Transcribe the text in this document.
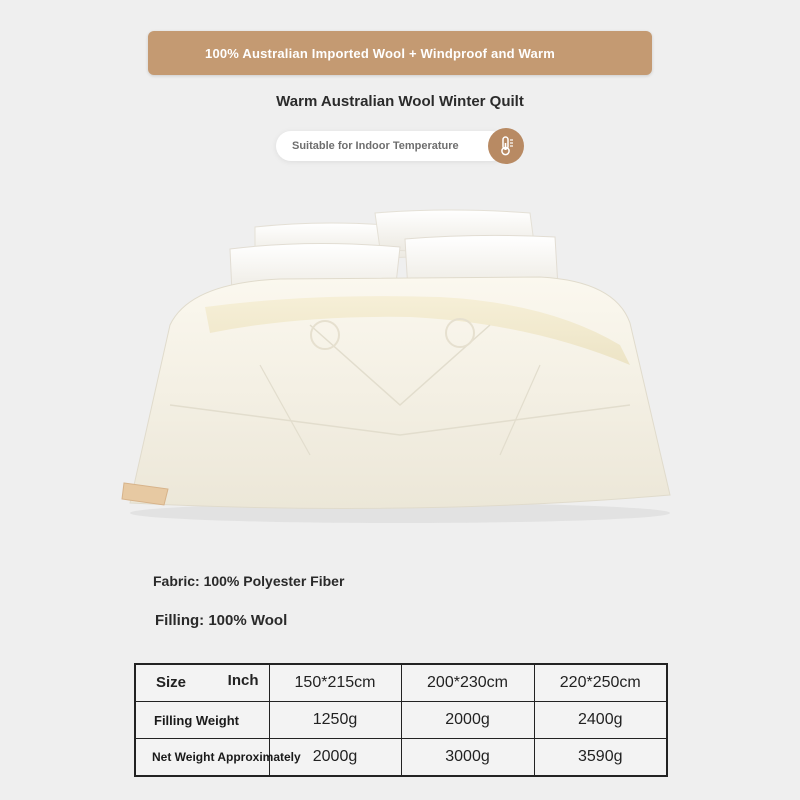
100% Australian Imported Wool + Windproof and Warm
Warm Australian Wool Winter Quilt
Suitable for Indoor Temperature
Fabric: 100% Polyester Fiber
Filling: 100% Wool
Size Inch	150*215cm	200*230cm	220*250cm
Filling Weight	1250g	2000g	2400g
Net Weight Approximately	2000g	3000g	3590g
